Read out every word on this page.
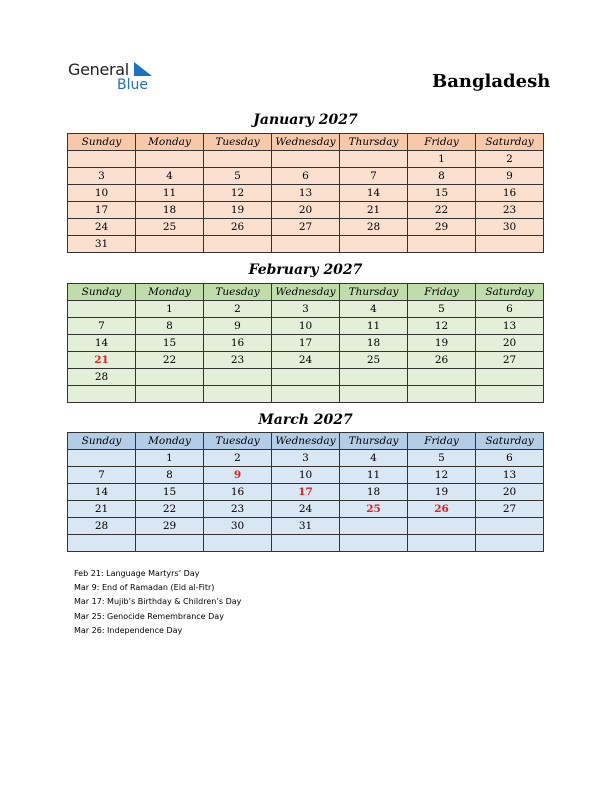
General
Blue	Bangladesh
January 2027
Sunday	Monday	Tuesday	Wednesday	Thursday	Friday	Saturday
					1	2
3	4	5	6	7	8	9
10	11	12	13	14	15	16
17	18	19	20	21	22	23
24	25	26	27	28	29	30
31						
February 2027
Sunday	Monday	Tuesday	Wednesday	Thursday	Friday	Saturday
	1	2	3	4	5	6
7	8	9	10	11	12	13
14	15	16	17	18	19	20
21	22	23	24	25	26	27
28						

March 2027
Sunday	Monday	Tuesday	Wednesday	Thursday	Friday	Saturday
	1	2	3	4	5	6
7	8	9	10	11	12	13
14	15	16	17	18	19	20
21	22	23	24	25	26	27
28	29	30	31			

Feb 21: Language Martyrs’ Day
Mar 9: End of Ramadan (Eid al-Fitr)
Mar 17: Mujib’s Birthday & Children’s Day
Mar 25: Genocide Remembrance Day
Mar 26: Independence Day
